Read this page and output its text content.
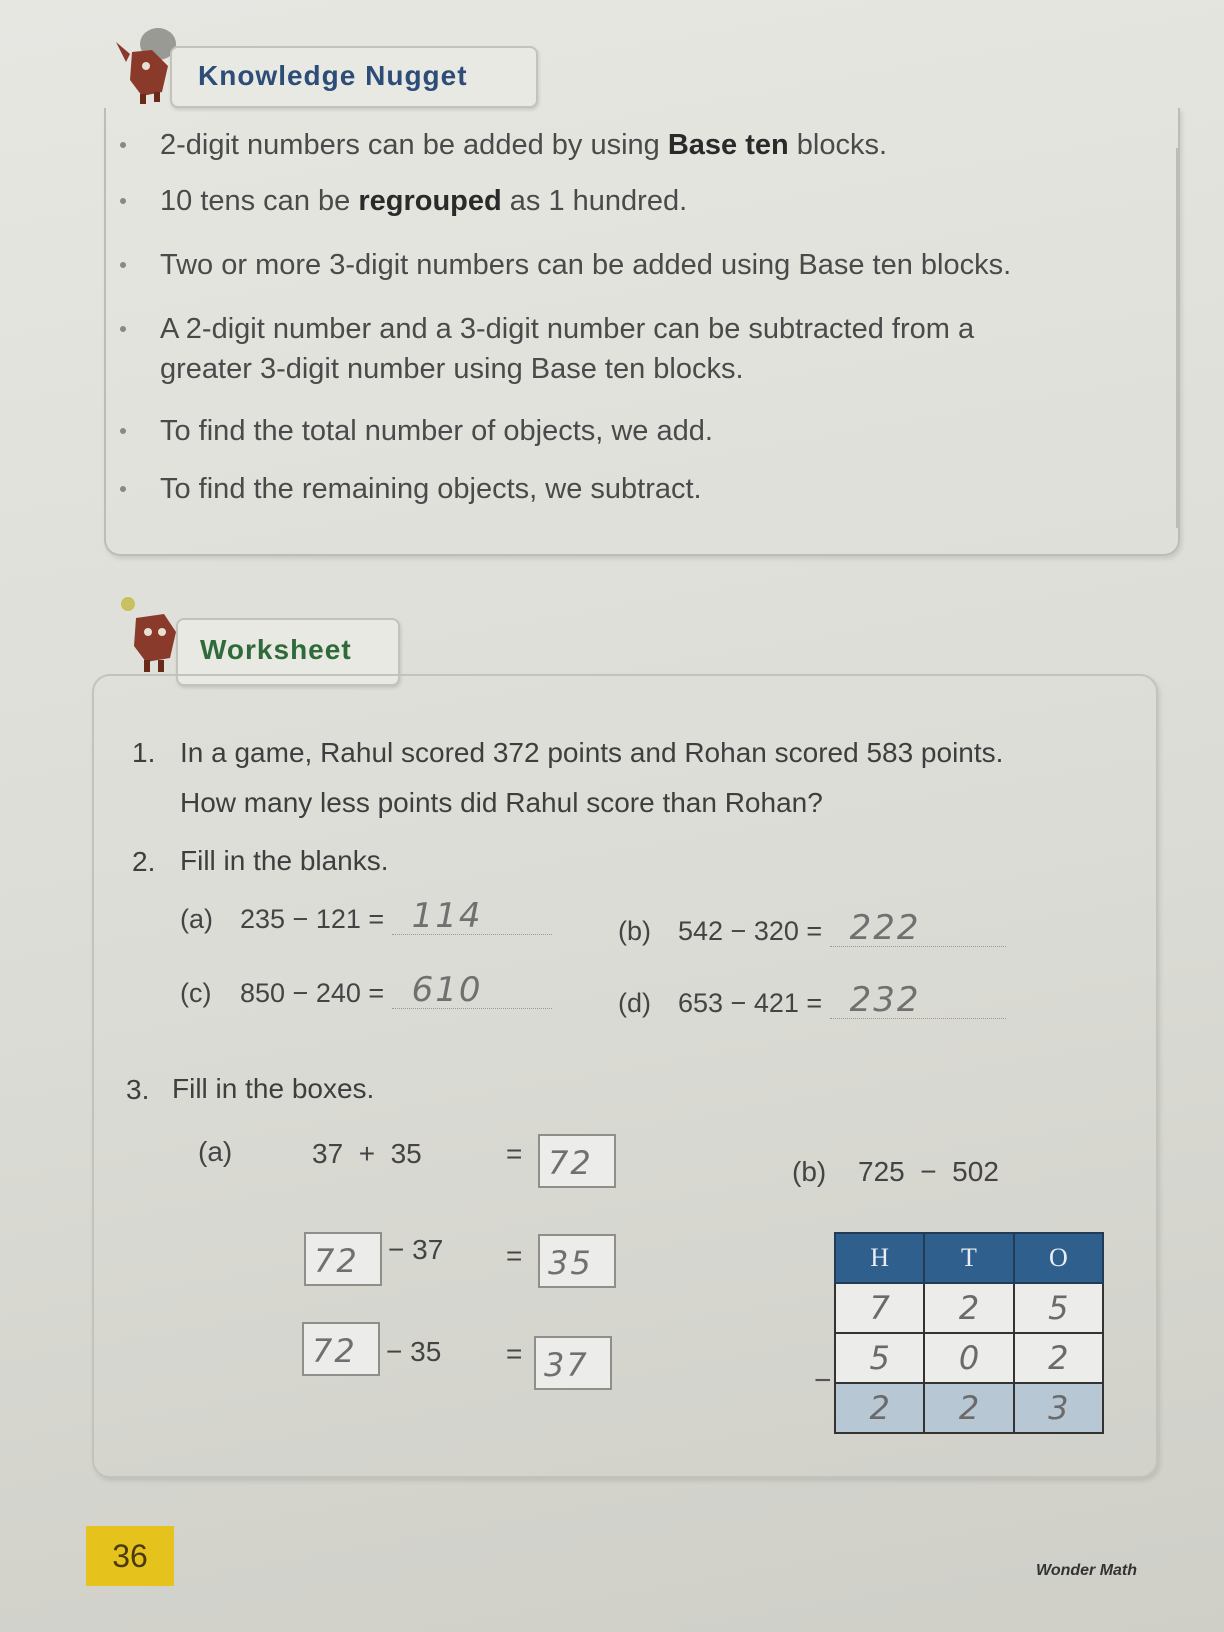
Knowledge Nugget
2-digit numbers can be added by using Base ten blocks.
10 tens can be regrouped as 1 hundred.
Two or more 3-digit numbers can be added using Base ten blocks.
A 2-digit number and a 3-digit number can be subtracted from a
greater 3-digit number using Base ten blocks.
To find the total number of objects, we add.
To find the remaining objects, we subtract.
Worksheet
1. In a game, Rahul scored 372 points and Rohan scored 583 points.
How many less points did Rahul score than Rohan?
2. Fill in the blanks.
(a) 235 − 121 = 114	(b) 542 − 320 = 222
(c) 850 − 240 = 610	(d) 653 − 421 = 232
3. Fill in the boxes.
(a)	37  +  35	= 72
72 − 37 = 35
72 − 35 = 37
(b) 725  −  502
H	T	O
7	2	5
5	0	2
2	2	3
−
36	Wonder Math
